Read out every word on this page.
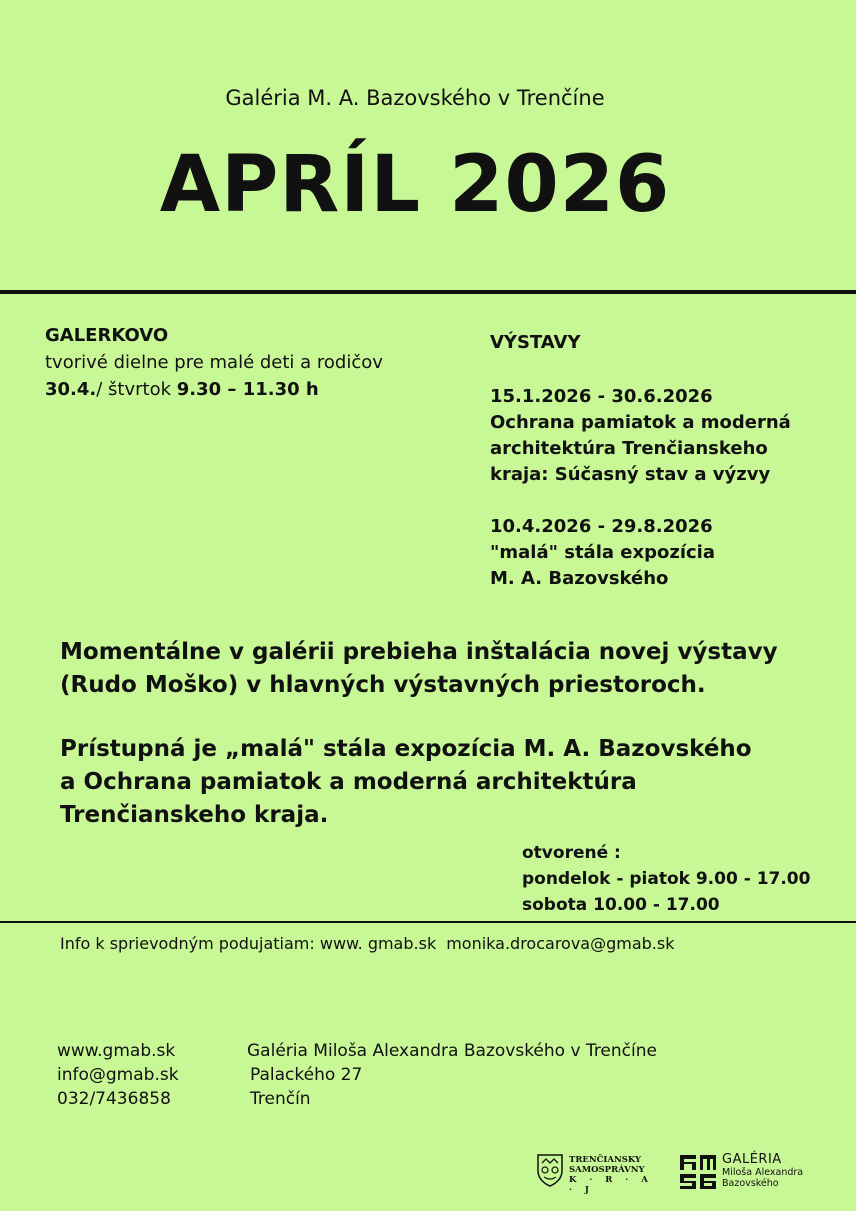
Galéria M. A. Bazovského v Trenčíne
APRÍL 2026
GALERKOVO
tvorivé dielne pre malé deti a rodičov
30.4./ štvrtok 9.30 – 11.30 h
VÝSTAVY
15.1.2026 - 30.6.2026
Ochrana pamiatok a moderná
architektúra Trenčianskeho
kraja: Súčasný stav a výzvy
10.4.2026 - 29.8.2026
"malá" stála expozícia
M. A. Bazovského

Momentálne v galérii prebieha inštalácia novej výstavy
(Rudo Moško) v hlavných výstavných priestoroch.

Prístupná je „malá" stála expozícia M. A. Bazovského
a Ochrana pamiatok a moderná architektúra
Trenčianskeho kraja.

otvorené :
pondelok - piatok 9.00 - 17.00
sobota 10.00 - 17.00
Info k sprievodným podujatiam: www. gmab.sk monika.drocarova@gmab.sk
www.gmab.sk
info@gmab.sk
032/7436858
Galéria Miloša Alexandra Bazovského v Trenčíne
Palackého 27
Trenčín
TRENČIANSKY
SAMOSPRÁVNY
K · R · A · J
GALÉRIA
Miloša Alexandra
Bazovského
